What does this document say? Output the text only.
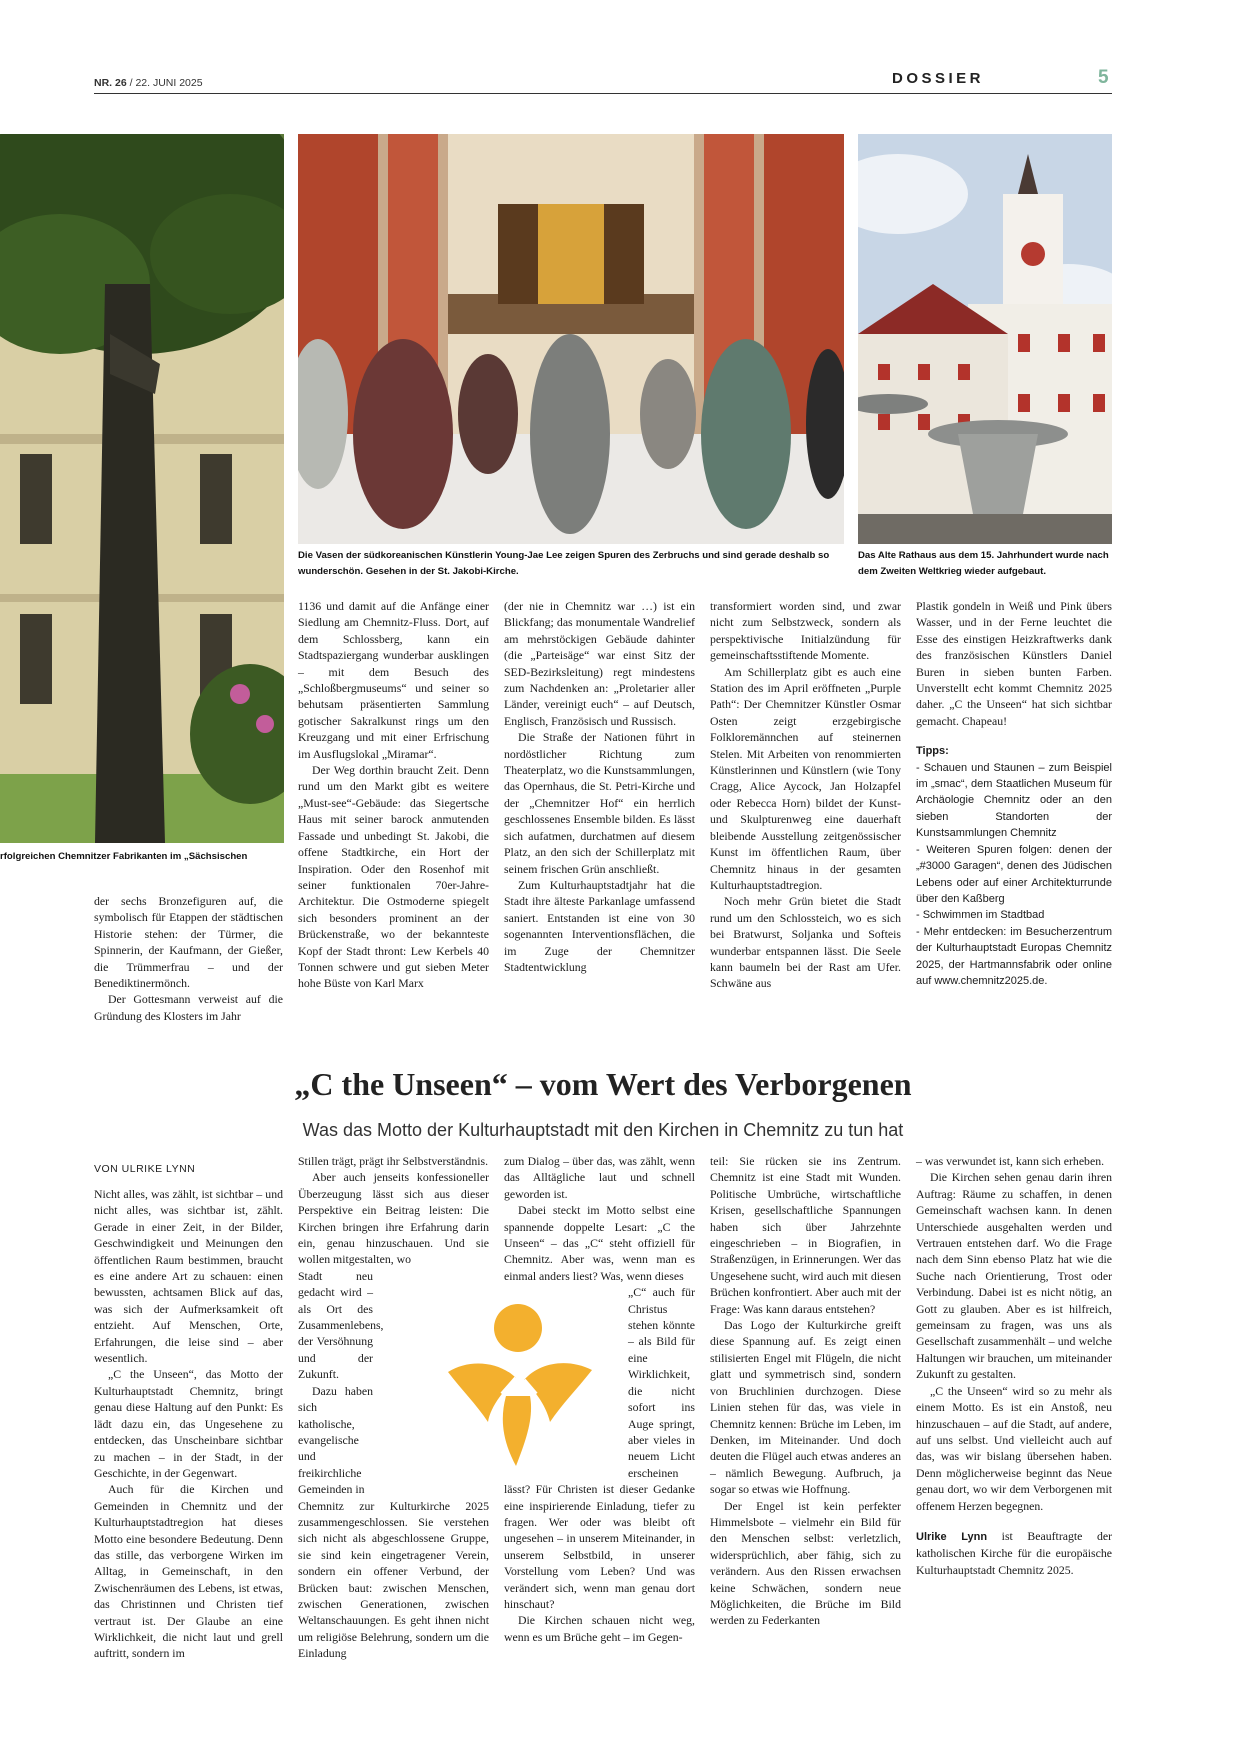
NR. 26 / 22. JUNI 2025	DOSSIER	5
rfolgreichen Chemnitzer Fabrikanten im „Sächsischen
Die Vasen der südkoreanischen Künstlerin Young-Jae Lee zeigen Spuren des Zerbruchs und sind gerade deshalb so wunderschön. Gesehen in der St. Jakobi-Kirche.
Das Alte Rathaus aus dem 15. Jahrhundert wurde nach dem Zweiten Weltkrieg wieder aufgebaut.

der sechs Bronzefiguren auf, die symbolisch für Etappen der städtischen Historie stehen: der Türmer, die Spinnerin, der Kaufmann, der Gießer, die Trümmerfrau – und der Benediktinermönch.

Der Gottesmann verweist auf die Gründung des Klosters im Jahr

1136 und damit auf die Anfänge einer Siedlung am Chemnitz-Fluss. Dort, auf dem Schlossberg, kann ein Stadtspaziergang wunderbar ausklingen – mit dem Besuch des „Schloßbergmuseums“ und seiner so behutsam präsentierten Sammlung gotischer Sakralkunst rings um den Kreuzgang und mit einer Erfrischung im Ausflugslokal „Miramar“.

Der Weg dorthin braucht Zeit. Denn rund um den Markt gibt es weitere „Must-see“-Gebäude: das Siegertsche Haus mit seiner barock anmutenden Fassade und unbedingt St. Jakobi, die offene Stadtkirche, ein Hort der Inspiration. Oder den Rosenhof mit seiner funktionalen 70er-Jahre-Architektur. Die Ostmoderne spiegelt sich besonders prominent an der Brückenstraße, wo der bekannteste Kopf der Stadt thront: Lew Kerbels 40 Tonnen schwere und gut sieben Meter hohe Büste von Karl Marx

(der nie in Chemnitz war …) ist ein Blickfang; das monumentale Wandrelief am mehrstöckigen Gebäude dahinter (die „Parteisäge“ war einst Sitz der SED-Bezirksleitung) regt mindestens zum Nachdenken an: „Proletarier aller Länder, vereinigt euch“ – auf Deutsch, Englisch, Französisch und Russisch.

Die Straße der Nationen führt in nordöstlicher Richtung zum Theaterplatz, wo die Kunstsammlungen, das Opernhaus, die St. Petri-Kirche und der „Chemnitzer Hof“ ein herrlich geschlossenes Ensemble bilden. Es lässt sich aufatmen, durchatmen auf diesem Platz, an den sich der Schillerplatz mit seinem frischen Grün anschließt.

Zum Kulturhauptstadtjahr hat die Stadt ihre älteste Parkanlage umfassend saniert. Entstanden ist eine von 30 sogenannten Interventionsflächen, die im Zuge der Chemnitzer Stadtentwicklung

transformiert worden sind, und zwar nicht zum Selbstzweck, sondern als perspektivische Initialzündung für gemeinschaftsstiftende Momente.

Am Schillerplatz gibt es auch eine Station des im April eröffneten „Purple Path“: Der Chemnitzer Künstler Osmar Osten zeigt erzgebirgische Folkloremännchen auf steinernen Stelen. Mit Arbeiten von renommierten Künstlerinnen und Künstlern (wie Tony Cragg, Alice Aycock, Jan Holzapfel oder Rebecca Horn) bildet der Kunst- und Skulpturenweg eine dauerhaft bleibende Ausstellung zeitgenössischer Kunst im öffentlichen Raum, über Chemnitz hinaus in der gesamten Kulturhauptstadtregion.

Noch mehr Grün bietet die Stadt rund um den Schlossteich, wo es sich bei Bratwurst, Soljanka und Softeis wunderbar entspannen lässt. Die Seele kann baumeln bei der Rast am Ufer. Schwäne aus

Plastik gondeln in Weiß und Pink übers Wasser, und in der Ferne leuchtet die Esse des einstigen Heizkraftwerks dank des französischen Künstlers Daniel Buren in sieben bunten Farben. Unverstellt echt kommt Chemnitz 2025 daher. „C the Unseen“ hat sich sichtbar gemacht. Chapeau!

Tipps:

- Schauen und Staunen – zum Beispiel im „smac“, dem Staatlichen Museum für Archäologie Chemnitz oder an den sieben Standorten der Kunstsammlungen Chemnitz

- Weiteren Spuren folgen: denen der „#3000 Garagen“, denen des Jüdischen Lebens oder auf einer Architekturrunde über den Kaßberg

- Schwimmen im Stadtbad

- Mehr entdecken: im Besucherzentrum der Kulturhauptstadt Europas Chemnitz 2025, der Hartmannsfabrik oder online auf www.chemnitz2025.de.

„C the Unseen“ – vom Wert des Verborgenen
Was das Motto der Kulturhauptstadt mit den Kirchen in Chemnitz zu tun hat
VON ULRIKE LYNN

Nicht alles, was zählt, ist sichtbar – und nicht alles, was sichtbar ist, zählt. Gerade in einer Zeit, in der Bilder, Geschwindigkeit und Meinungen den öffentlichen Raum bestimmen, braucht es eine andere Art zu schauen: einen bewussten, achtsamen Blick auf das, was sich der Aufmerksamkeit oft entzieht. Auf Menschen, Orte, Erfahrungen, die leise sind – aber wesentlich.

„C the Unseen“, das Motto der Kulturhauptstadt Chemnitz, bringt genau diese Haltung auf den Punkt: Es lädt dazu ein, das Ungesehene zu entdecken, das Unscheinbare sichtbar zu machen – in der Stadt, in der Geschichte, in der Gegenwart.

Auch für die Kirchen und Gemeinden in Chemnitz und der Kulturhauptstadtregion hat dieses Motto eine besondere Bedeutung. Denn das stille, das verborgene Wirken im Alltag, in Gemeinschaft, in den Zwischenräumen des Lebens, ist etwas, das Christinnen und Christen tief vertraut ist. Der Glaube an eine Wirklichkeit, die nicht laut und grell auftritt, sondern im

Stillen trägt, prägt ihr Selbstverständnis.

Aber auch jenseits konfessioneller Überzeugung lässt sich aus dieser Perspektive ein Beitrag leisten: Die Kirchen bringen ihre Erfahrung darin ein, genau hinzuschauen. Und sie wollen mitgestalten, wo

Stadt neu gedacht wird – als Ort des Zusammenlebens, der Versöhnung und der Zukunft.

Dazu haben sich katholische, evangelische und freikirchliche Gemeinden in

Chemnitz zur Kulturkirche 2025 zusammengeschlossen. Sie verstehen sich nicht als abgeschlossene Gruppe, sie sind kein eingetragener Verein, sondern ein offener Verbund, der Brücken baut: zwischen Menschen, zwischen Generationen, zwischen Weltanschauungen. Es geht ihnen nicht um religiöse Belehrung, sondern um die Einladung

zum Dialog – über das, was zählt, wenn das Alltägliche laut und schnell geworden ist.

Dabei steckt im Motto selbst eine spannende doppelte Lesart: „C the Unseen“ – das „C“ steht offiziell für Chemnitz. Aber was, wenn man es einmal anders liest? Was, wenn dieses

„C“ auch für Christus stehen könnte – als Bild für eine Wirklichkeit, die nicht sofort ins Auge springt, aber vieles in neuem Licht erscheinen

lässt? Für Christen ist dieser Gedanke eine inspirierende Einladung, tiefer zu fragen. Wer oder was bleibt oft ungesehen – in unserem Miteinander, in unserem Selbstbild, in unserer Vorstellung vom Leben? Und was verändert sich, wenn man genau dort hinschaut?

Die Kirchen schauen nicht weg, wenn es um Brüche geht – im Gegen-

teil: Sie rücken sie ins Zentrum. Chemnitz ist eine Stadt mit Wunden. Politische Umbrüche, wirtschaftliche Krisen, gesellschaftliche Spannungen haben sich über Jahrzehnte eingeschrieben – in Biografien, in Straßenzügen, in Erinnerungen. Wer das Ungesehene sucht, wird auch mit diesen Brüchen konfrontiert. Aber auch mit der Frage: Was kann daraus entstehen?

Das Logo der Kulturkirche greift diese Spannung auf. Es zeigt einen stilisierten Engel mit Flügeln, die nicht glatt und symmetrisch sind, sondern von Bruchlinien durchzogen. Diese Linien stehen für das, was viele in Chemnitz kennen: Brüche im Leben, im Denken, im Miteinander. Und doch deuten die Flügel auch etwas anderes an – nämlich Bewegung. Aufbruch, ja sogar so etwas wie Hoffnung.

Der Engel ist kein perfekter Himmelsbote – vielmehr ein Bild für den Menschen selbst: verletzlich, widersprüchlich, aber fähig, sich zu verändern. Aus den Rissen erwachsen keine Schwächen, sondern neue Möglichkeiten, die Brüche im Bild werden zu Federkanten

– was verwundet ist, kann sich erheben.

Die Kirchen sehen genau darin ihren Auftrag: Räume zu schaffen, in denen Gemeinschaft wachsen kann. In denen Unterschiede ausgehalten werden und Vertrauen entstehen darf. Wo die Frage nach dem Sinn ebenso Platz hat wie die Suche nach Orientierung, Trost oder Verbindung. Dabei ist es nicht nötig, an Gott zu glauben. Aber es ist hilfreich, gemeinsam zu fragen, was uns als Gesellschaft zusammenhält – und welche Haltungen wir brauchen, um miteinander Zukunft zu gestalten.

„C the Unseen“ wird so zu mehr als einem Motto. Es ist ein Anstoß, neu hinzuschauen – auf die Stadt, auf andere, auf uns selbst. Und vielleicht auch auf das, was wir bislang übersehen haben. Denn möglicherweise beginnt das Neue genau dort, wo wir dem Verborgenen mit offenem Herzen begegnen.

Ulrike Lynn ist Beauftragte der katholischen Kirche für die europäische Kulturhauptstadt Chemnitz 2025.
